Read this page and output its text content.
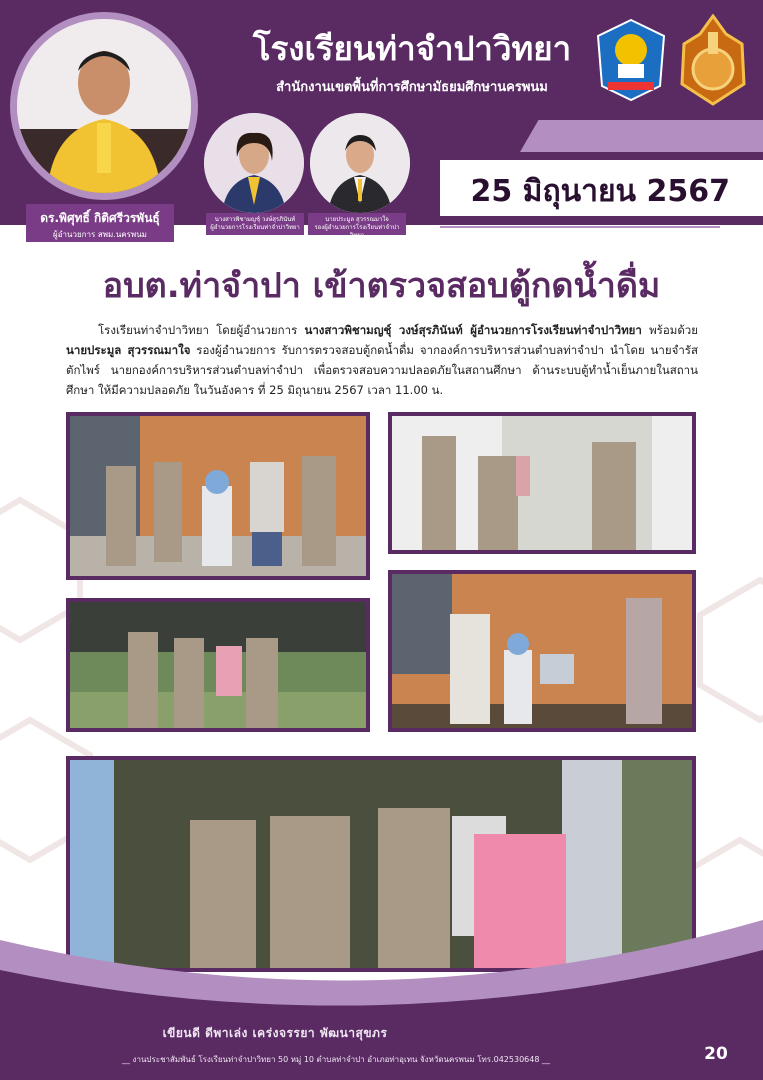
โรงเรียนท่าจำปาวิทยา
สำนักงานเขตพื้นที่การศึกษามัธยมศึกษานครพนม
ดร.พิศุทธิ์ กิติศรีวรพันธุ์
ผู้อำนวยการ สพม.นครพนม
นางสาวพิชามญชุ์ วงษ์สุรภินันท์
ผู้อำนวยการโรงเรียนท่าจำปาวิทยา
นายประมูล สุวรรณมาใจ
รองผู้อำนวยการโรงเรียนท่าจำปาวิทยา
25 มิถุนายน 2567
อบต.ท่าจำปา เข้าตรวจสอบตู้กดน้ำดื่ม
โรงเรียนท่าจำปาวิทยา โดยผู้อำนวยการ นางสาวพิชามญชุ์ วงษ์สุรภินันท์ ผู้อำนวยการโรงเรียนท่าจำปาวิทยา พร้อมด้วย นายประมูล สุวรรณมาใจ รองผู้อำนวยการ รับการตรวจสอบตู้กดน้ำดื่ม จากองค์การบริหารส่วนตำบลท่าจำปา นำโดย นายจำรัส ตักไพร์ นายกองค์การบริหารส่วนตำบลท่าจำปา เพื่อตรวจสอบความปลอดภัยในสถานศึกษา ด้านระบบตู้ทำน้ำเย็นภายในสถานศึกษา ให้มีความปลอดภัย ในวันอังคาร ที่ 25 มิถุนายน 2567 เวลา 11.00 น.
เขียนดี ดีพาเล่ง เคร่งจรรยา พัฒนาสุขภร
__ งานประชาสัมพันธ์ โรงเรียนท่าจำปาวิทยา 50 หมู่ 10 ตำบลท่าจำปา อำเภอท่าอุเทน จังหวัดนครพนม โทร.042530648 __	20
